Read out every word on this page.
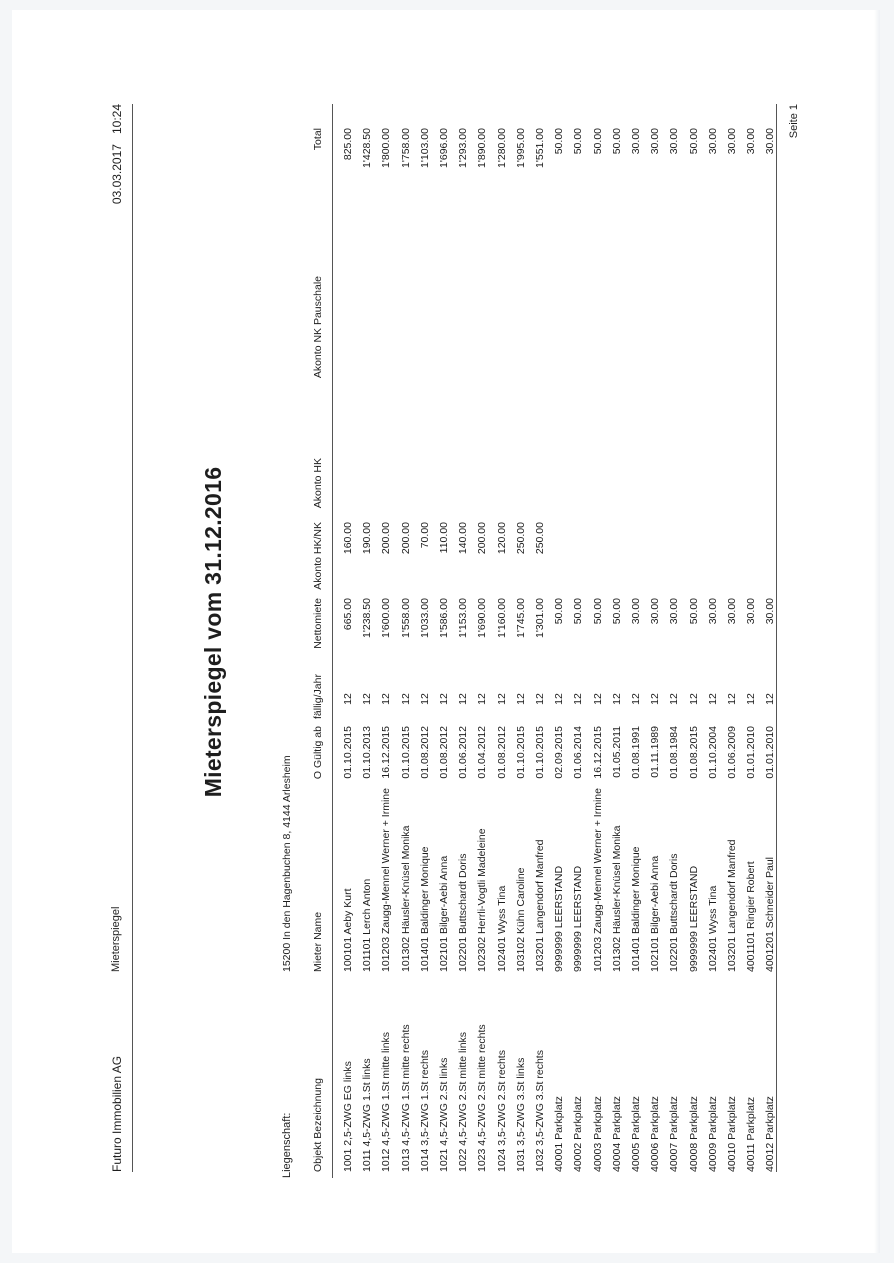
Futuro Immobilien AG
Mieterspiegel
03.03.2017   10:24
Mieterspiegel vom 31.12.2016
Liegenschaft:
15200 In den Hagenbuchen 8, 4144 Arlesheim
Objekt Bezeichnung
Mieter Name
O Gültig ab
fällig/Jahr
Nettomiete
Akonto HK/NK
Akonto HK
Akonto NK Pauschale
Total
1001 2,5-ZWG EG links
100101 Aeby Kurt
01.10.2015
12
665.00
160.00
825.00
1011 4,5-ZWG 1.St links
101101 Lerch Anton
01.10.2013
12
1'238.50
190.00
1'428.50
1012 4,5-ZWG 1.St mitte links
101203 Zaugg-Mennel Werner + Irmine
16.12.2015
12
1'600.00
200.00
1'800.00
1013 4,5-ZWG 1.St mitte rechts
101302 Häusler-Knüsel Monika
01.10.2015
12
1'558.00
200.00
1'758.00
1014 3,5-ZWG 1.St rechts
101401 Baldinger Monique
01.08.2012
12
1'033.00
70.00
1'103.00
1021 4,5-ZWG 2.St links
102101 Bilger-Aebi Anna
01.08.2012
12
1'586.00
110.00
1'696.00
1022 4,5-ZWG 2.St mitte links
102201 Buttschardt Doris
01.06.2012
12
1'153.00
140.00
1'293.00
1023 4,5-ZWG 2.St mitte rechts
102302 Herrli-Vogtli Madeleine
01.04.2012
12
1'690.00
200.00
1'890.00
1024 3,5-ZWG 2.St rechts
102401 Wyss Tina
01.08.2012
12
1'160.00
120.00
1'280.00
1031 3,5-ZWG 3.St links
103102 Kühn Caroline
01.10.2015
12
1'745.00
250.00
1'995.00
1032 3,5-ZWG 3.St rechts
103201 Langendorf Manfred
01.10.2015
12
1'301.00
250.00
1'551.00
40001 Parkplatz
9999999 LEERSTAND
02.09.2015
12
50.00
50.00
40002 Parkplatz
9999999 LEERSTAND
01.06.2014
12
50.00
50.00
40003 Parkplatz
101203 Zaugg-Mennel Werner + Irmine
16.12.2015
12
50.00
50.00
40004 Parkplatz
101302 Häusler-Knüsel Monika
01.05.2011
12
50.00
50.00
40005 Parkplatz
101401 Baldinger Monique
01.08.1991
12
30.00
30.00
40006 Parkplatz
102101 Bilger-Aebi Anna
01.11.1989
12
30.00
30.00
40007 Parkplatz
102201 Buttschardt Doris
01.08.1984
12
30.00
30.00
40008 Parkplatz
9999999 LEERSTAND
01.08.2015
12
50.00
50.00
40009 Parkplatz
102401 Wyss Tina
01.10.2004
12
30.00
30.00
40010 Parkplatz
103201 Langendorf Manfred
01.06.2009
12
30.00
30.00
40011 Parkplatz
4001101 Ringier Robert
01.01.2010
12
30.00
30.00
40012 Parkplatz
4001201 Schneider Paul
01.01.2010
12
30.00
30.00
Seite 1
